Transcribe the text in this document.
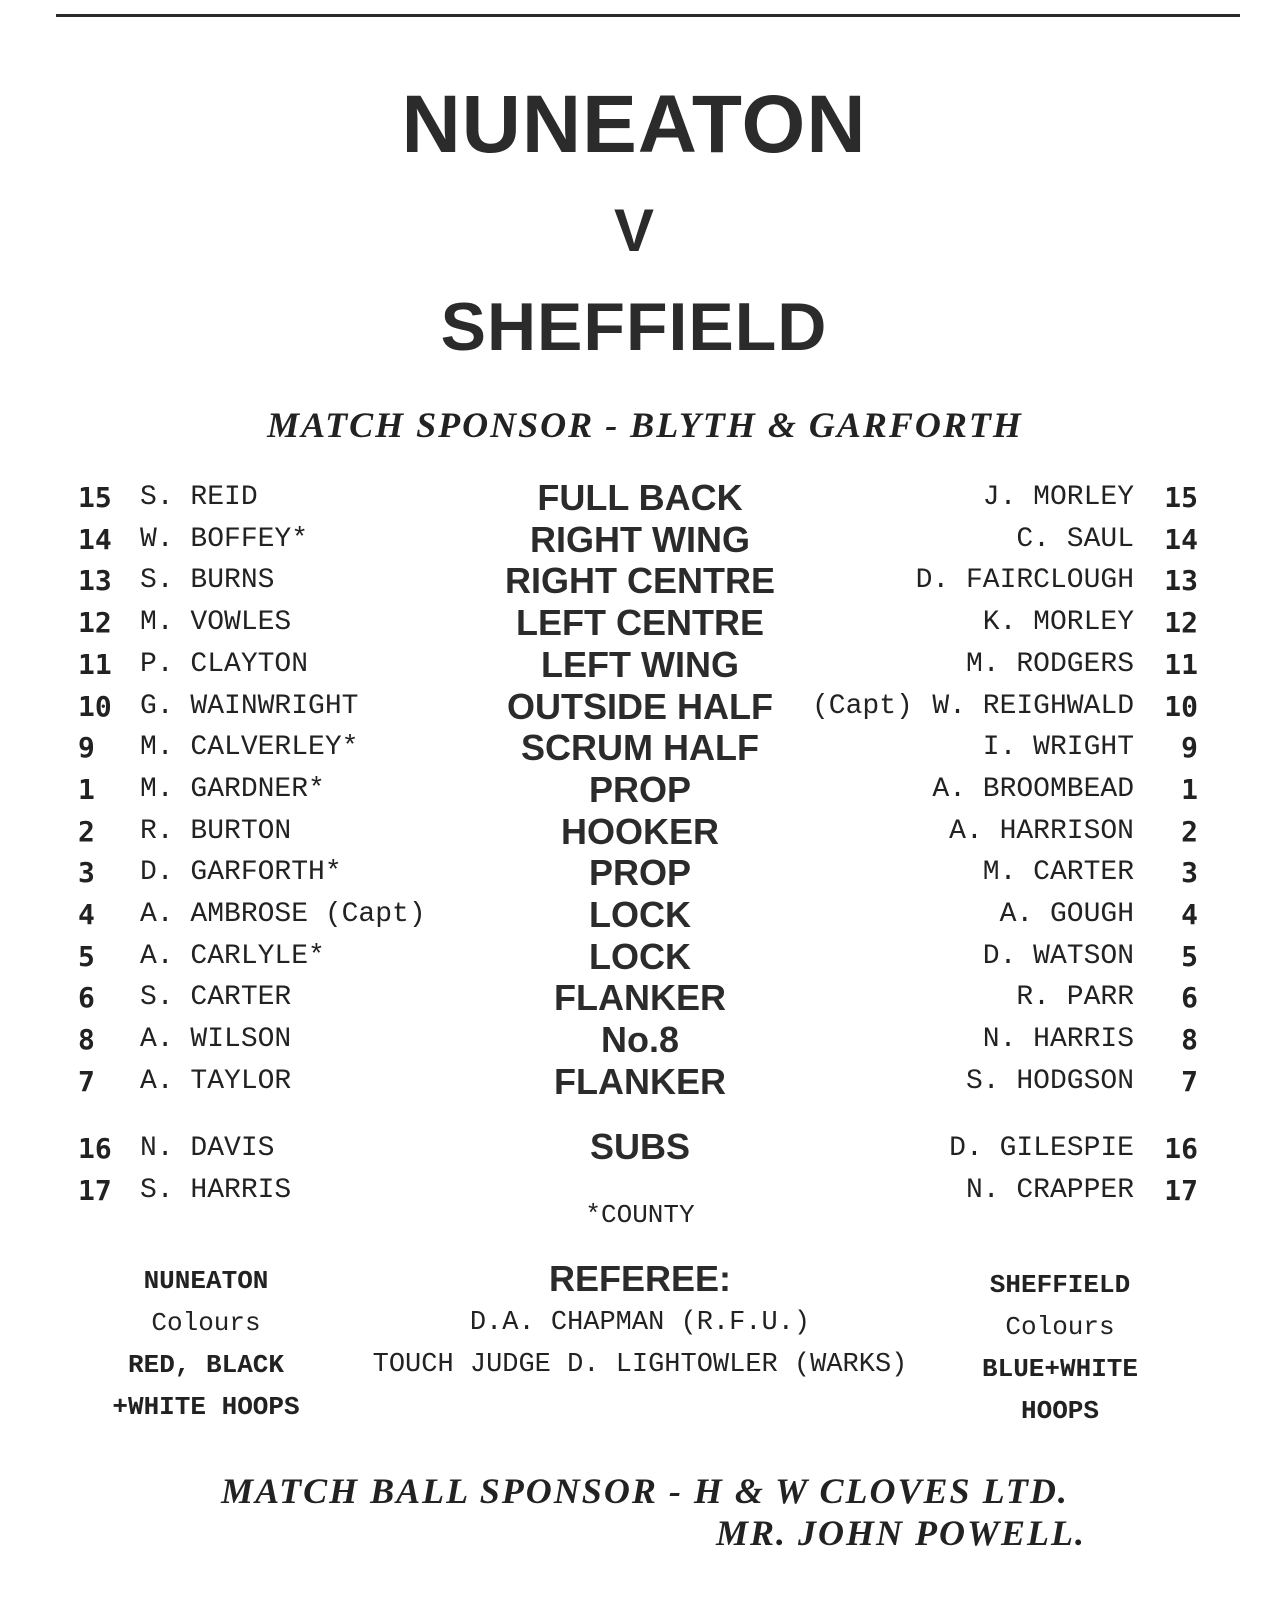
NUNEATON
V
SHEFFIELD
MATCH SPONSOR - BLYTH & GARFORTH
15	S. REID	FULL BACK	J. MORLEY	15
14	W. BOFFEY*	RIGHT WING	C. SAUL	14
13	S. BURNS	RIGHT CENTRE	D. FAIRCLOUGH	13
12	M. VOWLES	LEFT CENTRE	K. MORLEY	12
11	P. CLAYTON	LEFT WING	M. RODGERS	11
10	G. WAINWRIGHT	OUTSIDE HALF	(Capt) W. REIGHWALD	10
9	M. CALVERLEY*	SCRUM HALF	I. WRIGHT	9
1	M. GARDNER*	PROP	A. BROOMBEAD	1
2	R. BURTON	HOOKER	A. HARRISON	2
3	D. GARFORTH*	PROP	M. CARTER	3
4	A. AMBROSE (Capt)	LOCK	A. GOUGH	4
5	A. CARLYLE*	LOCK	D. WATSON	5
6	S. CARTER	FLANKER	R. PARR	6
8	A. WILSON	No.8	N. HARRIS	8
7	A. TAYLOR	FLANKER	S. HODGSON	7
SUBS
16	N. DAVIS	D. GILESPIE	16
17	S. HARRIS	N. CRAPPER	17
*COUNTY
NUNEATON
Colours
RED, BLACK
+WHITE HOOPS
REFEREE:
D.A. CHAPMAN (R.F.U.)
TOUCH JUDGE D. LIGHTOWLER (WARKS)
SHEFFIELD
Colours
BLUE+WHITE
HOOPS
MATCH BALL SPONSOR - H & W CLOVES LTD.
MR. JOHN POWELL.
